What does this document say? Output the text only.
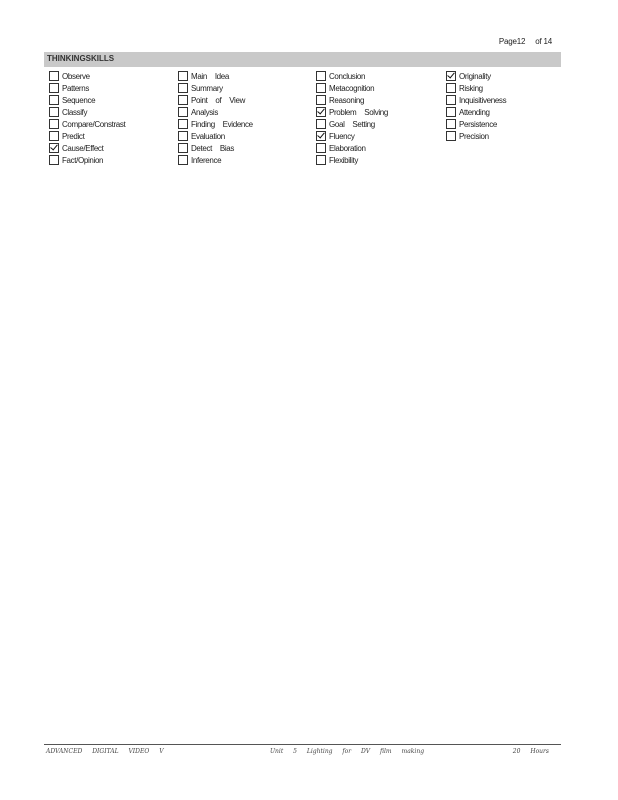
Page12 of 14
THINKINGSKILLS
Observe
Patterns
Sequence
Classify
Compare/Constrast
Predict
Cause/Effect
Fact/Opinion
Main Idea
Summary
Point of View
Analysis
Finding Evidence
Evaluation
Detect Bias
Inference
Conclusion
Metacognition
Reasoning
Problem Solving
Goal Setting
Fluency
Elaboration
Flexibility
Originality
Risking
Inquisitiveness
Attending
Persistence
Precision
ADVANCED DIGITAL VIDEO V	Unit 5 Lighting for DV film making	20 Hours
